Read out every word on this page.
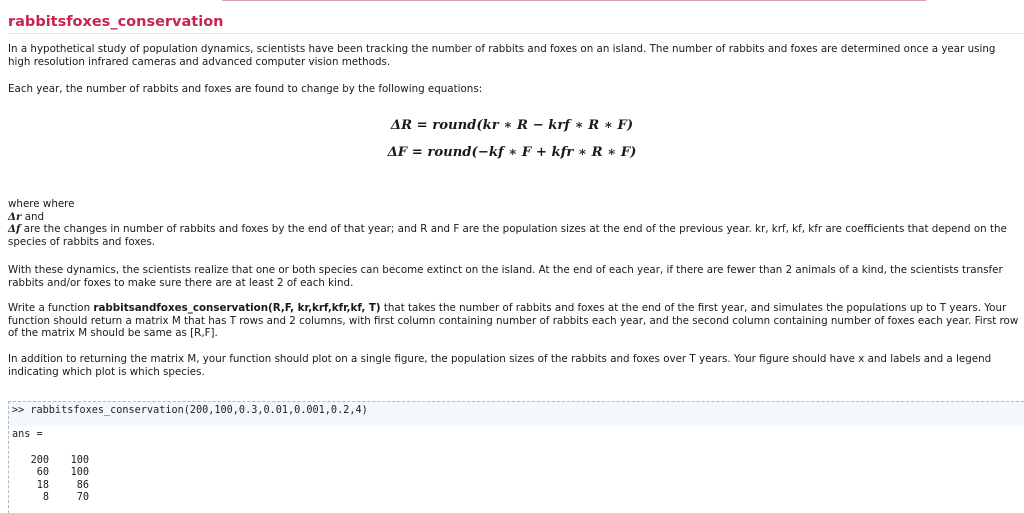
rabbitsfoxes_conservation

In a hypothetical study of population dynamics, scientists have been tracking the number of rabbits and foxes on an island. The number of rabbits and foxes are determined once a year using high resolution infrared cameras and advanced computer vision methods.

Each year, the number of rabbits and foxes are found to change by the following equations:

ΔR = round(kr ∗ R − krf ∗ R ∗ F)
ΔF = round(−kf ∗ F + kfr ∗ R ∗ F)
where where
Δr and
Δf are the changes in number of rabbits and foxes by the end of that year; and R and F are the population sizes at the end of the previous year. kr, krf, kf, kfr are coefficients that depend on the species of rabbits and foxes.

With these dynamics, the scientists realize that one or both species can become extinct on the island. At the end of each year, if there are fewer than 2 animals of a kind, the scientists transfer rabbits and/or foxes to make sure there are at least 2 of each kind.

Write a function rabbitsandfoxes_conservation(R,F, kr,krf,kfr,kf, T) that takes the number of rabbits and foxes at the end of the first year, and simulates the populations up to T years. Your function should return a matrix M that has T rows and 2 columns, with first column containing number of rabbits each year, and the second column containing number of foxes each year. First row of the matrix M should be same as [R,F].

In addition to returning the matrix M, your function should plot on a single figure, the population sizes of the rabbits and foxes over T years. Your figure should have x and labels and a legend indicating which plot is which species.

>> rabbitsfoxes_conservation(200,100,0.3,0.01,0.001,0.2,4)
ans =
200	100
60	100
18	86
8	70
